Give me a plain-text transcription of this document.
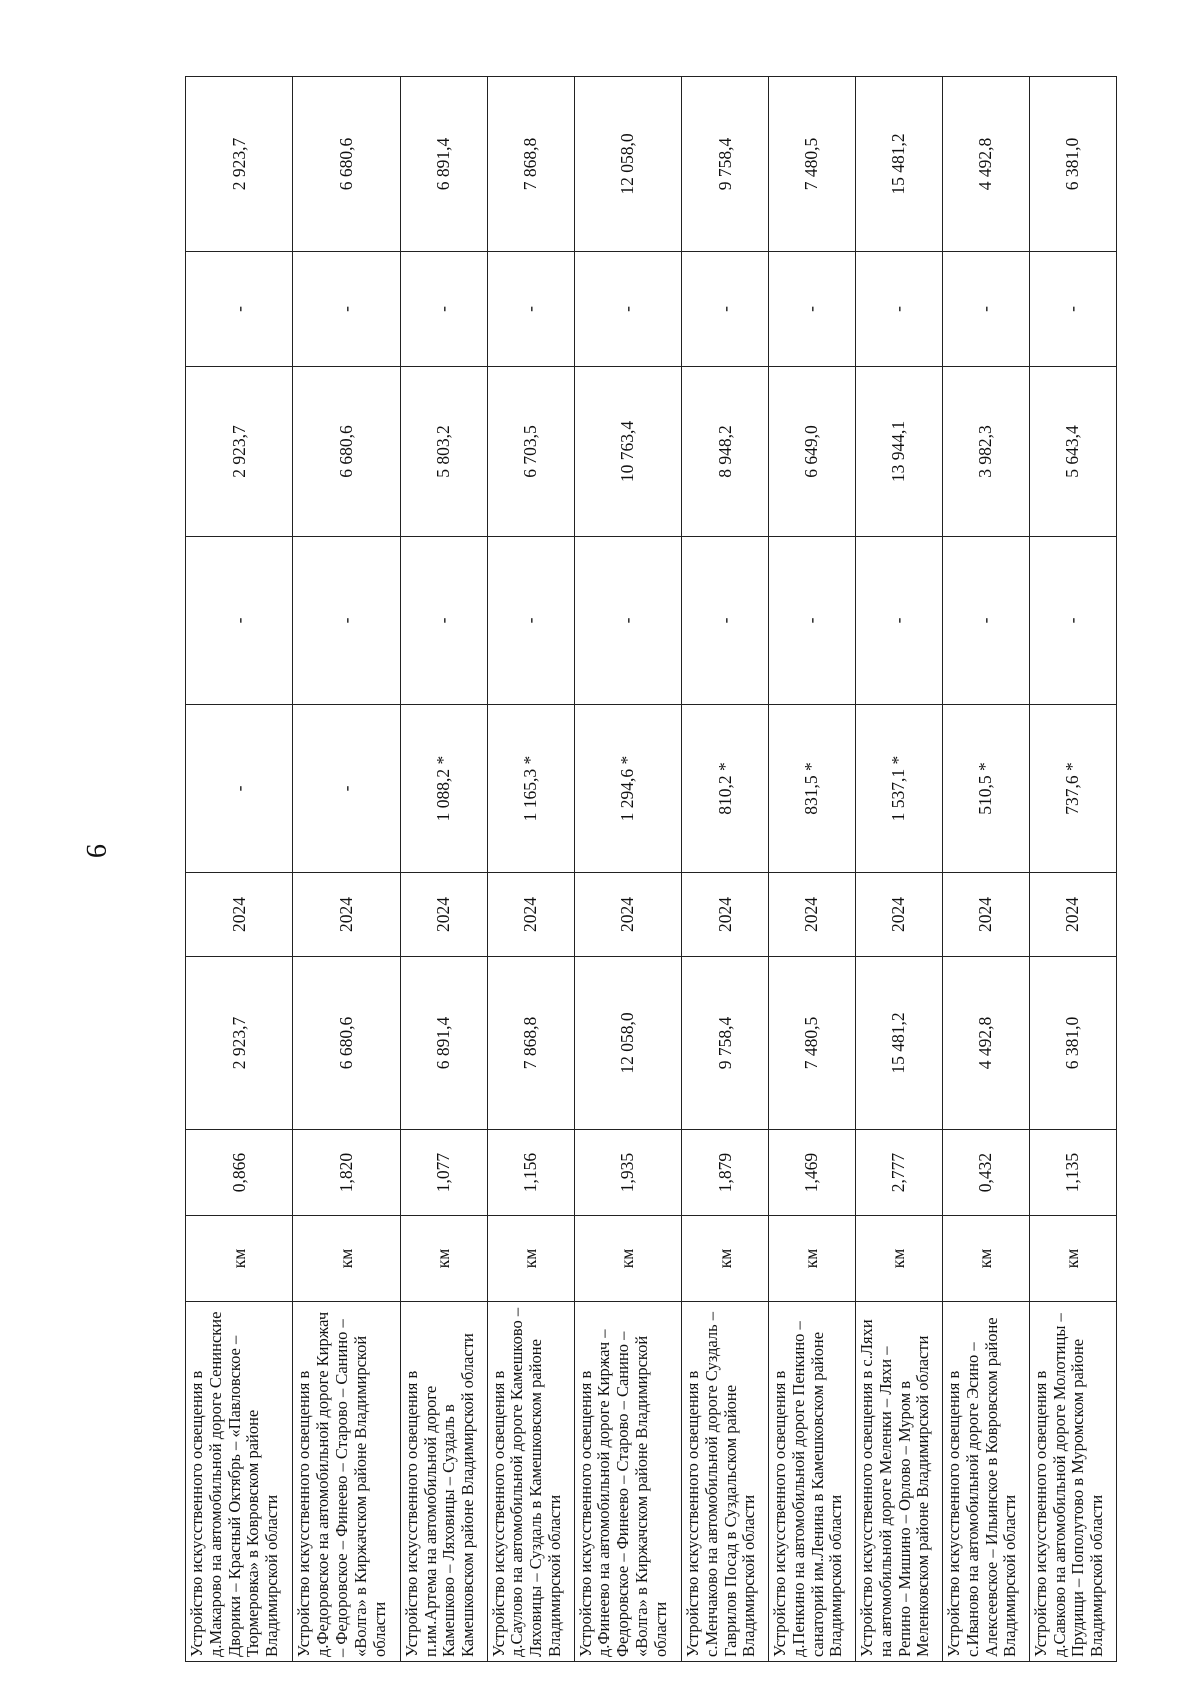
9
Устройство искусственного освещения в д.Макарово на автомобильной дороге Сенинские Дворики – Красный Октябрь – «Павловское – Тюрмеровка» в Ковровском районе Владимирской области	км	0,866	2 923,7	2024	-	-	2 923,7	-	2 923,7
Устройство искусственного освещения в д.Федоровское на автомобильной дороге Киржач – Федоровское – Финеево – Старово – Санино – «Волга» в Киржачском районе Владимирской области	км	1,820	6 680,6	2024	-	-	6 680,6	-	6 680,6
Устройство искусственного освещения в п.им.Артема на автомобильной дороге Камешково – Ляховицы – Суздаль в Камешковском районе Владимирской области	км	1,077	6 891,4	2024	1 088,2 *	-	5 803,2	-	6 891,4
Устройство искусственного освещения в д.Саулово на автомобильной дороге Камешково – Ляховицы – Суздаль в Камешковском районе Владимирской области	км	1,156	7 868,8	2024	1 165,3 *	-	6 703,5	-	7 868,8
Устройство искусственного освещения в д.Финеево на автомобильной дороге Киржач – Федоровское – Финеево – Старово – Санино – «Волга» в Киржачском районе Владимирской области	км	1,935	12 058,0	2024	1 294,6 *	-	10 763,4	-	12 058,0
Устройство искусственного освещения в с.Менчаково на автомобильной дороге Суздаль – Гаврилов Посад в Суздальском районе Владимирской области	км	1,879	9 758,4	2024	810,2 *	-	8 948,2	-	9 758,4
Устройство искусственного освещения в д.Пенкино на автомобильной дороге Пенкино – санаторий им.Ленина в Камешковском районе Владимирской области	км	1,469	7 480,5	2024	831,5 *	-	6 649,0	-	7 480,5
Устройство искусственного освещения в с.Ляхи на автомобильной дороге Меленки – Ляхи – Репино – Мишино – Орлово – Муром в Меленковском районе Владимирской области	км	2,777	15 481,2	2024	1 537,1 *	-	13 944,1	-	15 481,2
Устройство искусственного освещения в с.Иваново на автомобильной дороге Эсино – Алексеевское – Ильинское в Ковровском районе Владимирской области	км	0,432	4 492,8	2024	510,5 *	-	3 982,3	-	4 492,8
Устройство искусственного освещения в д.Савково на автомобильной дороге Молотицы – Прудищи – Пополутово в Муромском районе Владимирской области	км	1,135	6 381,0	2024	737,6 *	-	5 643,4	-	6 381,0
